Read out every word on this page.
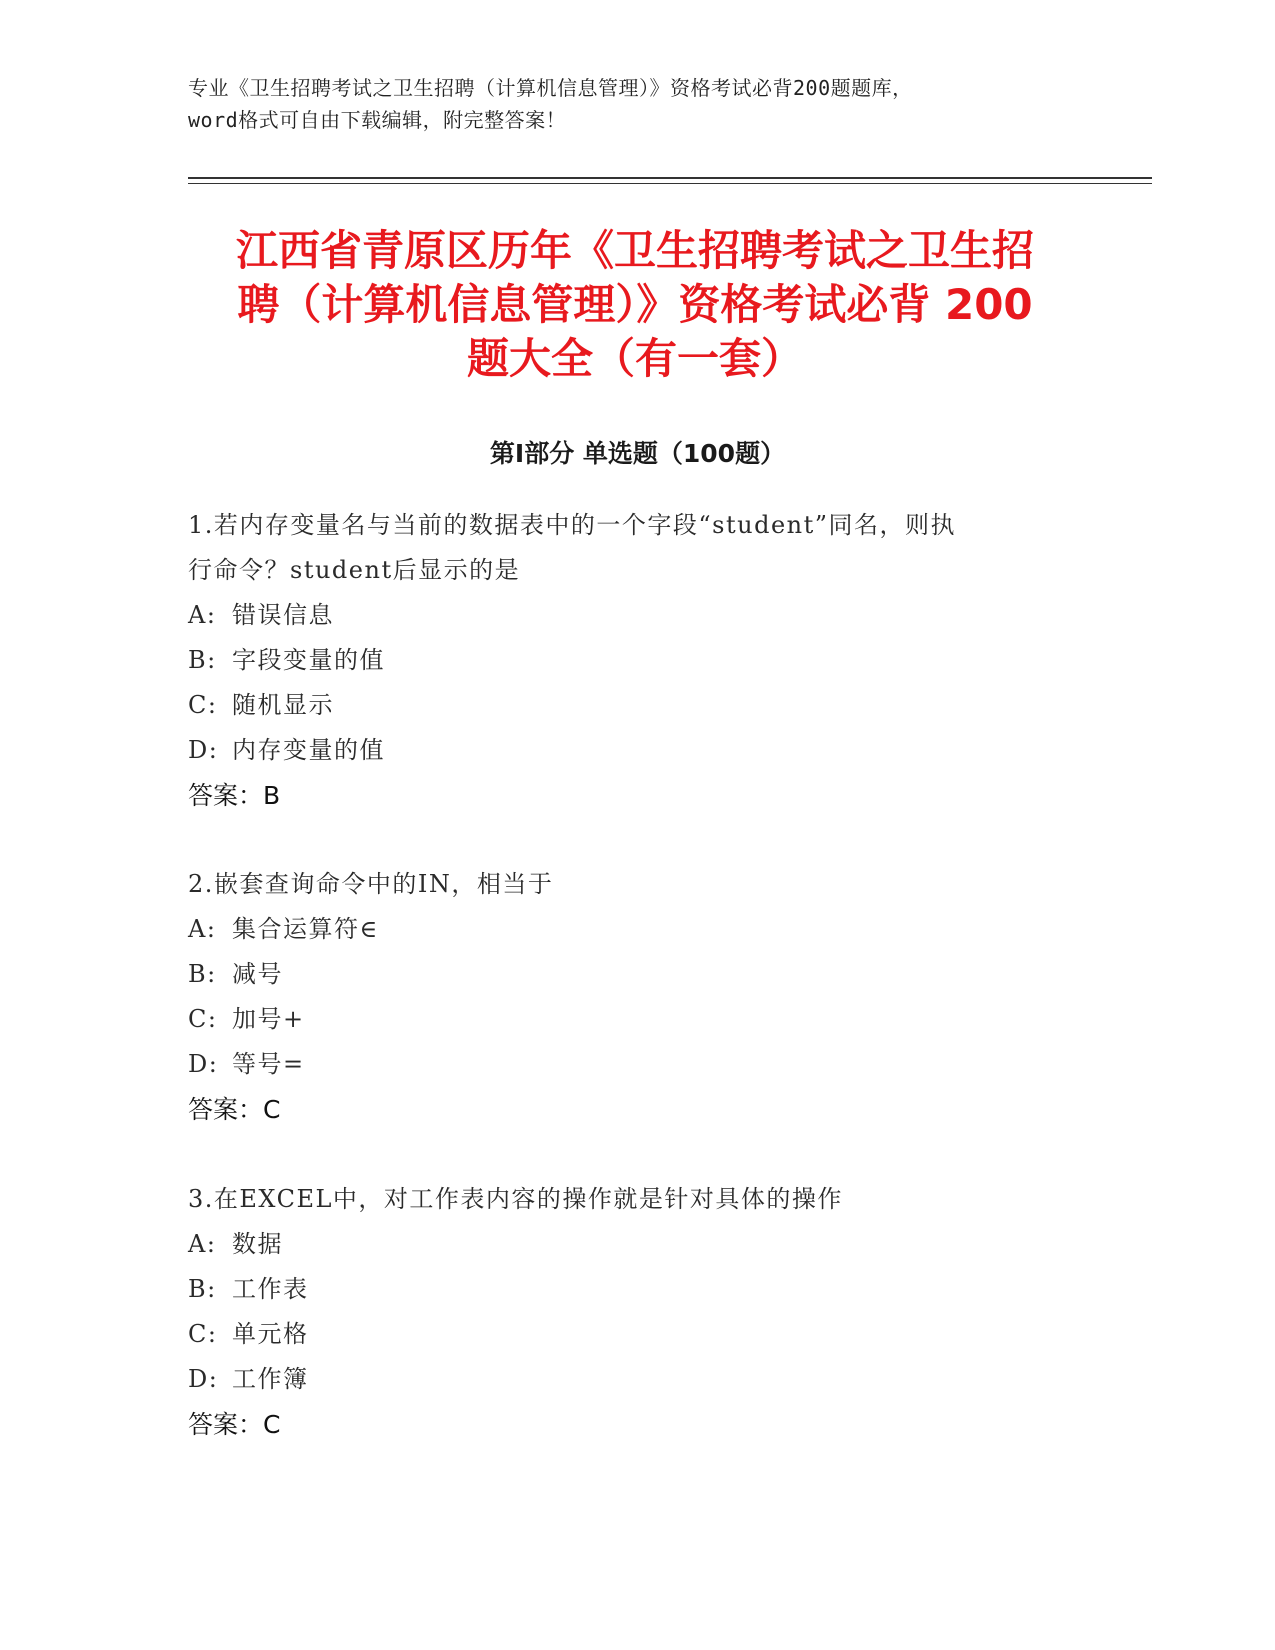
专业《卫生招聘考试之卫生招聘（计算机信息管理）》资格考试必背200题题库，
word格式可自由下载编辑，附完整答案！
江西省青原区历年《卫生招聘考试之卫生招
聘（计算机信息管理）》资格考试必背 200
题大全（有一套）
第Ⅰ部分 单选题（100题）
1.若内存变量名与当前的数据表中的一个字段“student”同名，则执
行命令？student后显示的是
A: 错误信息
B: 字段变量的值
C: 随机显示
D: 内存变量的值
答案：B
2.嵌套查询命令中的IN，相当于
A: 集合运算符∈
B: 减号
C: 加号+
D: 等号=
答案：C
3.在EXCEL中，对工作表内容的操作就是针对具体的操作
A: 数据
B: 工作表
C: 单元格
D: 工作簿
答案：C
